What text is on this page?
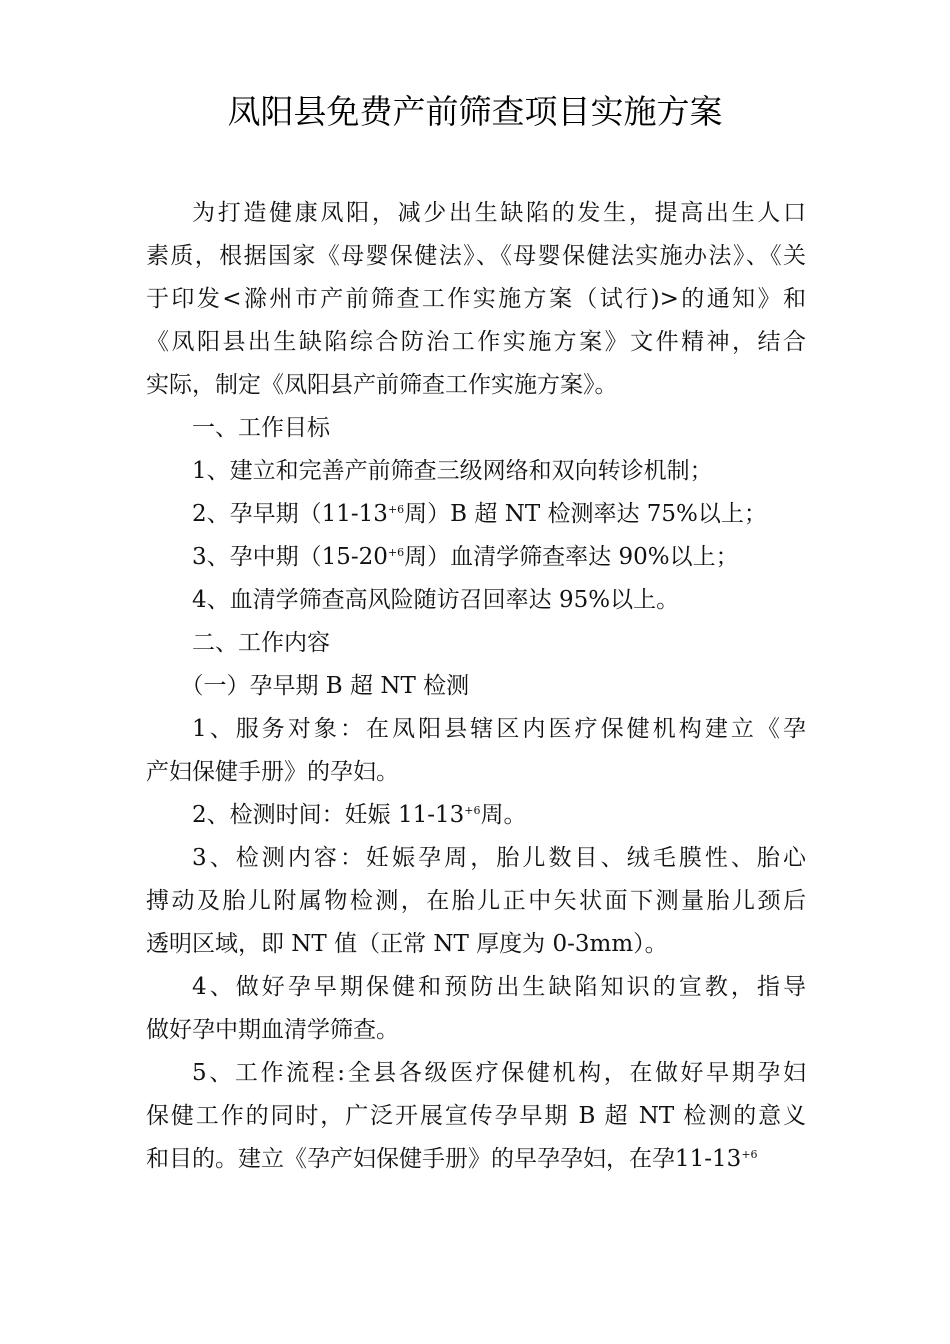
凤阳县免费产前筛查项目实施方案

为打造健康凤阳，减少出生缺陷的发生，提高出生人口
素质，根据国家《母婴保健法》、《母婴保健法实施办法》、《关
于印发<滁州市产前筛查工作实施方案（试行)>的通知》和
《凤阳县出生缺陷综合防治工作实施方案》文件精神，结合
实际，制定《凤阳县产前筛查工作实施方案》。

一、工作目标

1、建立和完善产前筛查三级网络和双向转诊机制；

2、孕早期（$11-13^{+6}$周）B 超 NT 检测率达 75%以上；

3、孕中期（$15-20^{+6}$周）血清学筛查率达 90%以上；

4、血清学筛查高风险随访召回率达 95%以上。

二、工作内容

（一）孕早期 B 超 NT 检测

1、服务对象：在凤阳县辖区内医疗保健机构建立《孕
产妇保健手册》的孕妇。

2、检测时间：妊娠 $11-13^{+6}$周。

3、检测内容：妊娠孕周，胎儿数目、绒毛膜性、胎心
搏动及胎儿附属物检测，在胎儿正中矢状面下测量胎儿颈后
透明区域，即 NT 值（正常 NT 厚度为 0-3mm）。

4、做好孕早期保健和预防出生缺陷知识的宣教，指导
做好孕中期血清学筛查。

5、工作流程:全县各级医疗保健机构，在做好早期孕妇
保健工作的同时，广泛开展宣传孕早期 B 超 NT 检测的意义
和目的。建立《孕产妇保健手册》的早孕孕妇，在孕$11-13^{+6}$
